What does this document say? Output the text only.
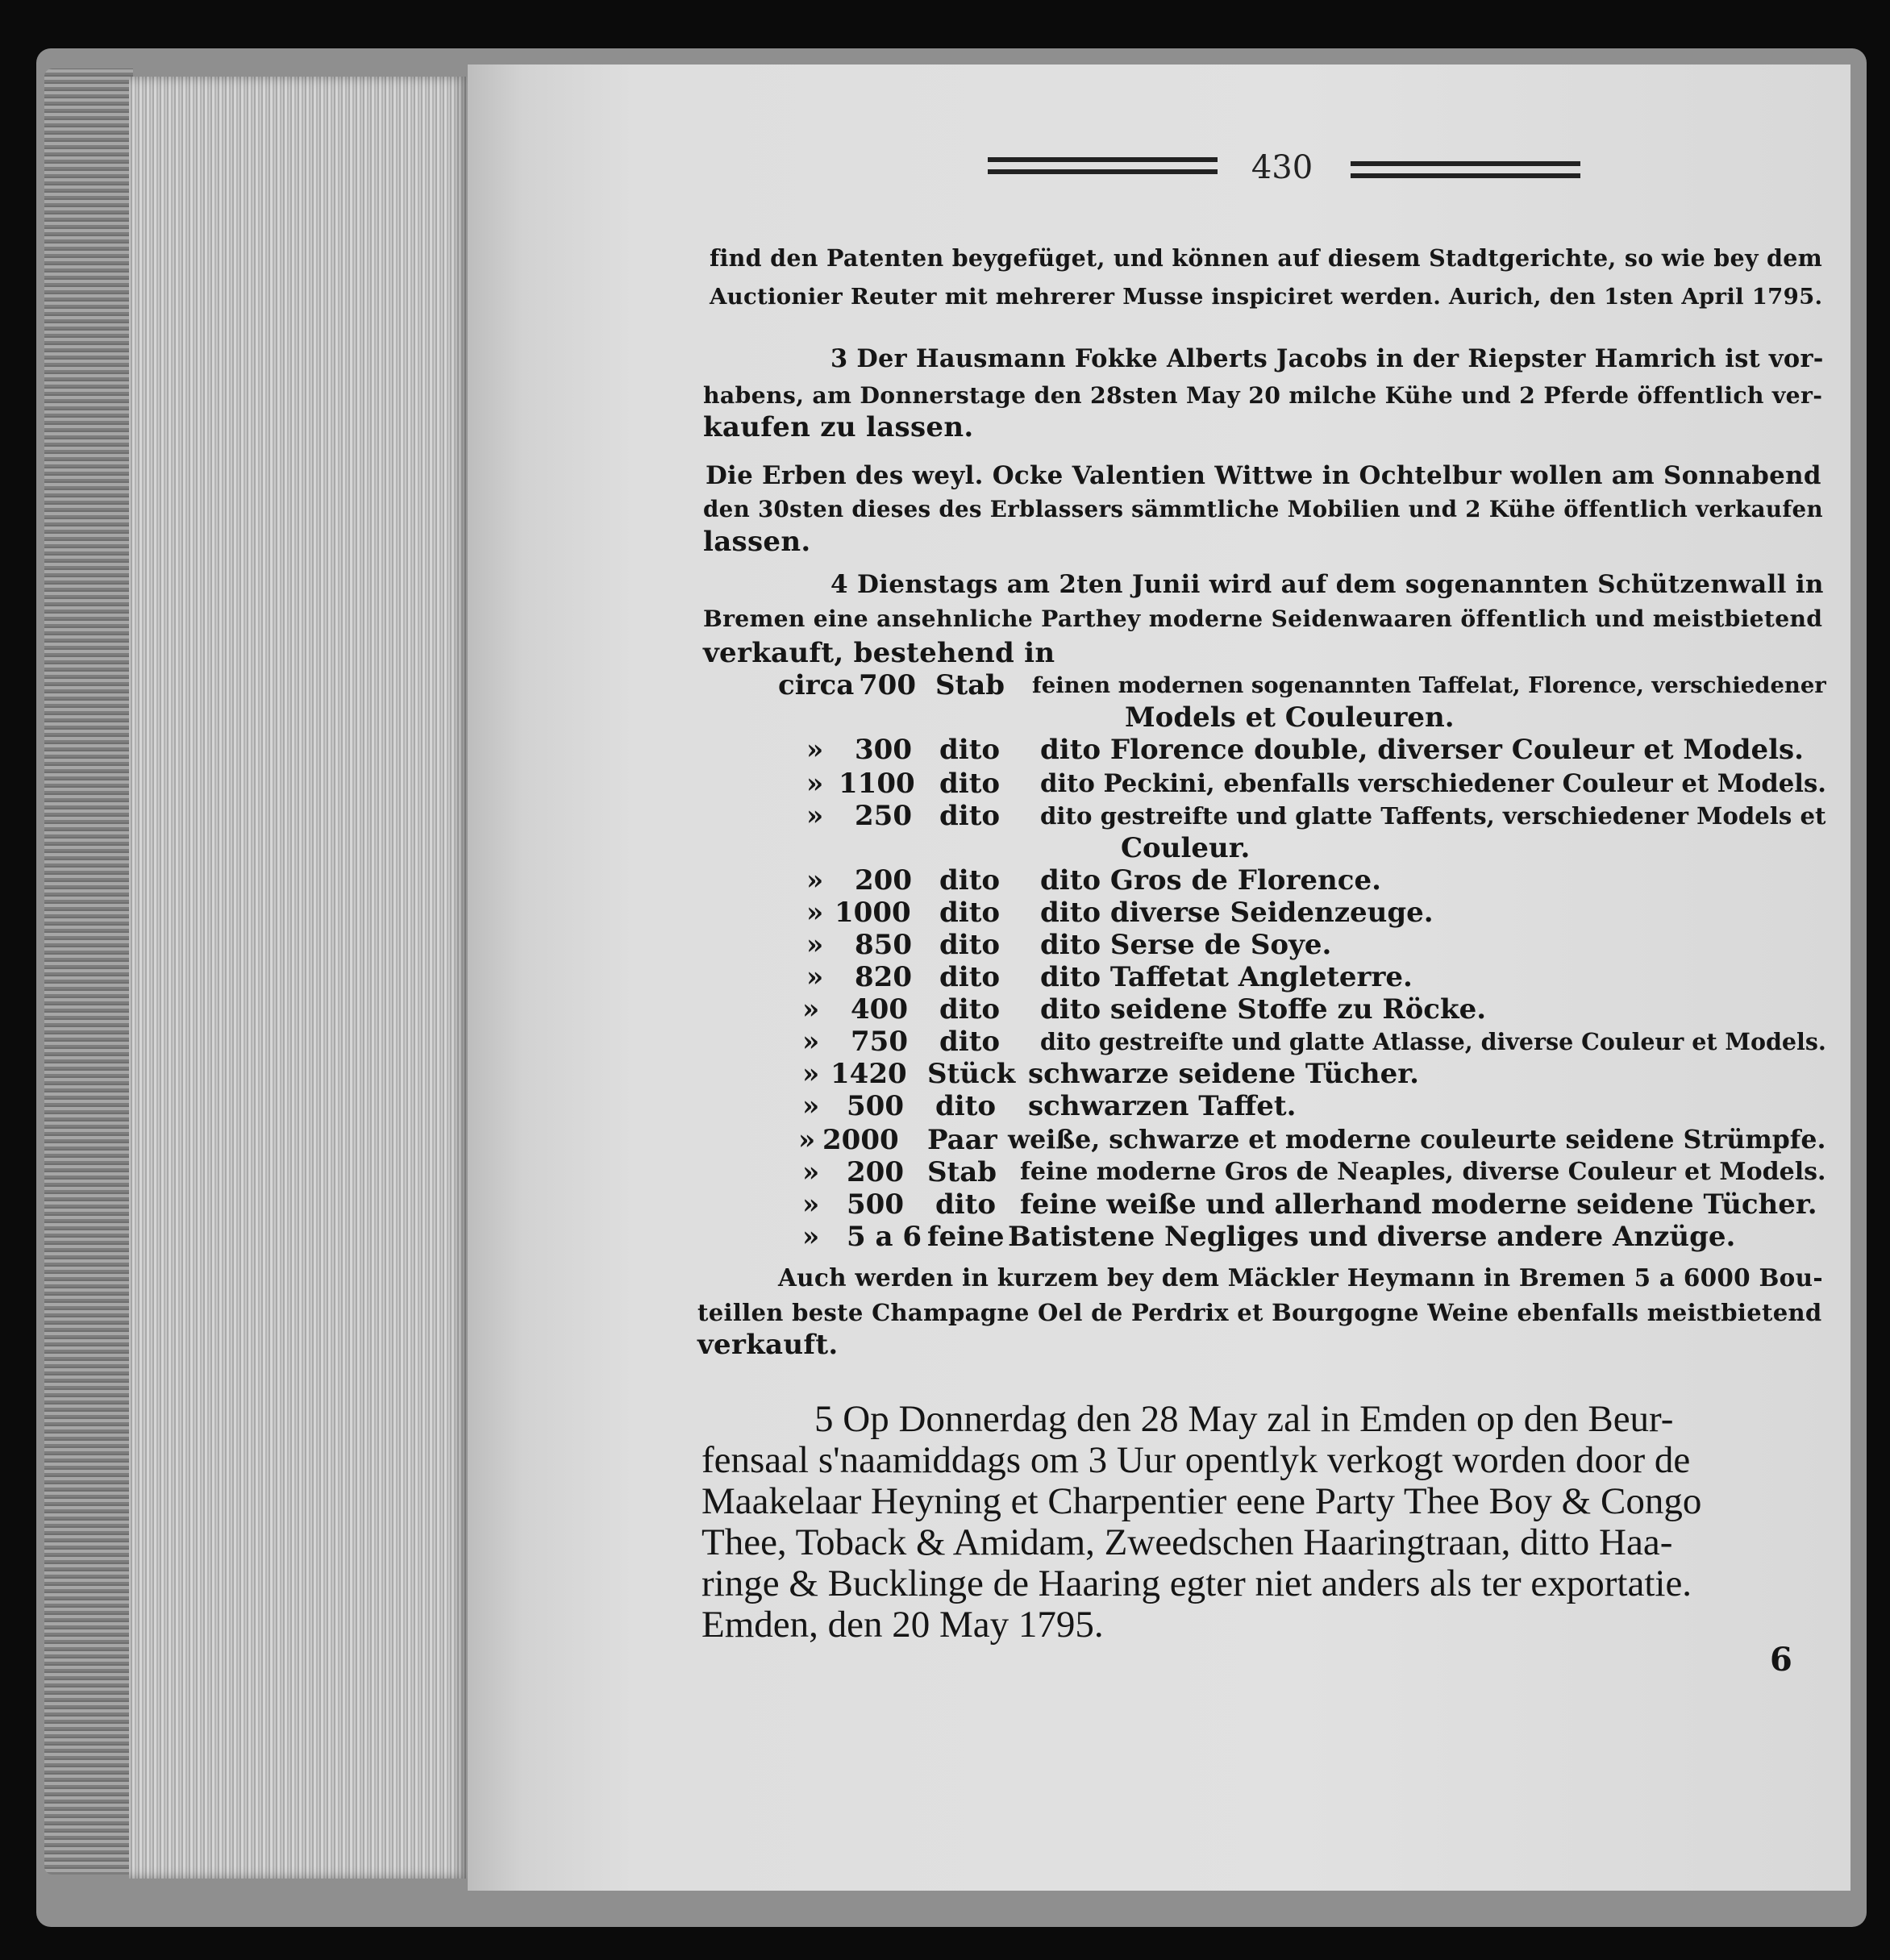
430
find den Patenten beygefüget, und können auf diesem Stadtgerichte, so wie bey dem
Auctionier Reuter mit mehrerer Musse inspiciret werden. Aurich, den 1sten April 1795.
3 Der Hausmann Fokke Alberts Jacobs in der Riepster Hamrich ist vor-
habens, am Donnerstage den 28sten May 20 milche Kühe und 2 Pferde öffentlich ver-
kaufen zu lassen.
Die Erben des weyl. Ocke Valentien Wittwe in Ochtelbur wollen am Sonnabend
den 30sten dieses des Erblassers sämmtliche Mobilien und 2 Kühe öffentlich verkaufen
lassen.
4 Dienstags am 2ten Junii wird auf dem sogenannten Schützenwall in
Bremen eine ansehnliche Parthey moderne Seidenwaaren öffentlich und meistbietend
verkauft, bestehend in
circa 700 Stab feinen modernen sogenannten Taffelat, Florence, verschiedener
Models et Couleuren.
» 300 dito dito Florence double, diverser Couleur et Models.
» 1100 dito dito Peckini, ebenfalls verschiedener Couleur et Models.
» 250 dito dito gestreifte und glatte Taffents, verschiedener Models et
Couleur.
» 200 dito dito Gros de Florence.
» 1000 dito dito diverse Seidenzeuge.
» 850 dito dito Serse de Soye.
» 820 dito dito Taffetat Angleterre.
» 400 dito dito seidene Stoffe zu Röcke.
» 750 dito dito gestreifte und glatte Atlasse, diverse Couleur et Models.
» 1420 Stück schwarze seidene Tücher.
» 500 dito schwarzen Taffet.
» 2000 Paar weiße, schwarze et moderne couleurte seidene Strümpfe.
» 200 Stab feine moderne Gros de Neaples, diverse Couleur et Models.
» 500 dito feine weiße und allerhand moderne seidene Tücher.
» 5 a 6 feine Batistene Negliges und diverse andere Anzüge.
Auch werden in kurzem bey dem Mäckler Heymann in Bremen 5 a 6000 Bou-
teillen beste Champagne Oel de Perdrix et Bourgogne Weine ebenfalls meistbietend
verkauft.
5 Op Donnerdag den 28 May zal in Emden op den Beur-
fensaal s'naamiddags om 3 Uur opentlyk verkogt worden door de
Maakelaar Heyning et Charpentier eene Party Thee Boy & Congo
Thee, Toback & Amidam, Zweedschen Haaringtraan, ditto Haa-
ringe & Bucklinge de Haaring egter niet anders als ter exportatie.
Emden, den 20 May 1795.
6
